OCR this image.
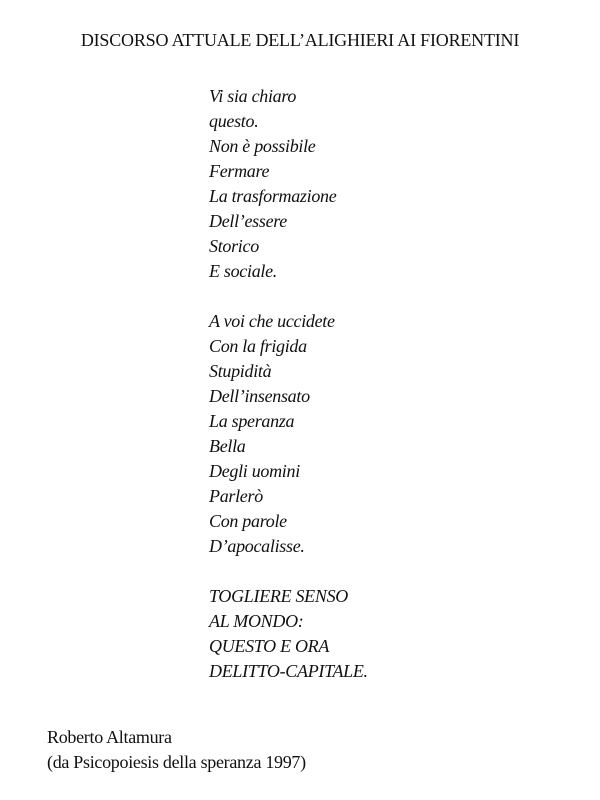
DISCORSO ATTUALE DELL’ALIGHIERI AI FIORENTINI
Vi sia chiaro
questo.
Non è possibile
Fermare
La trasformazione
Dell’essere
Storico
E sociale.
A voi che uccidete
Con la frigida
Stupidità
Dell’insensato
La speranza
Bella
Degli uomini
Parlerò
Con parole
D’apocalisse.
TOGLIERE SENSO
AL MONDO:
QUESTO E ORA
DELITTO-CAPITALE.
Roberto Altamura
(da Psicopoiesis della speranza 1997)
